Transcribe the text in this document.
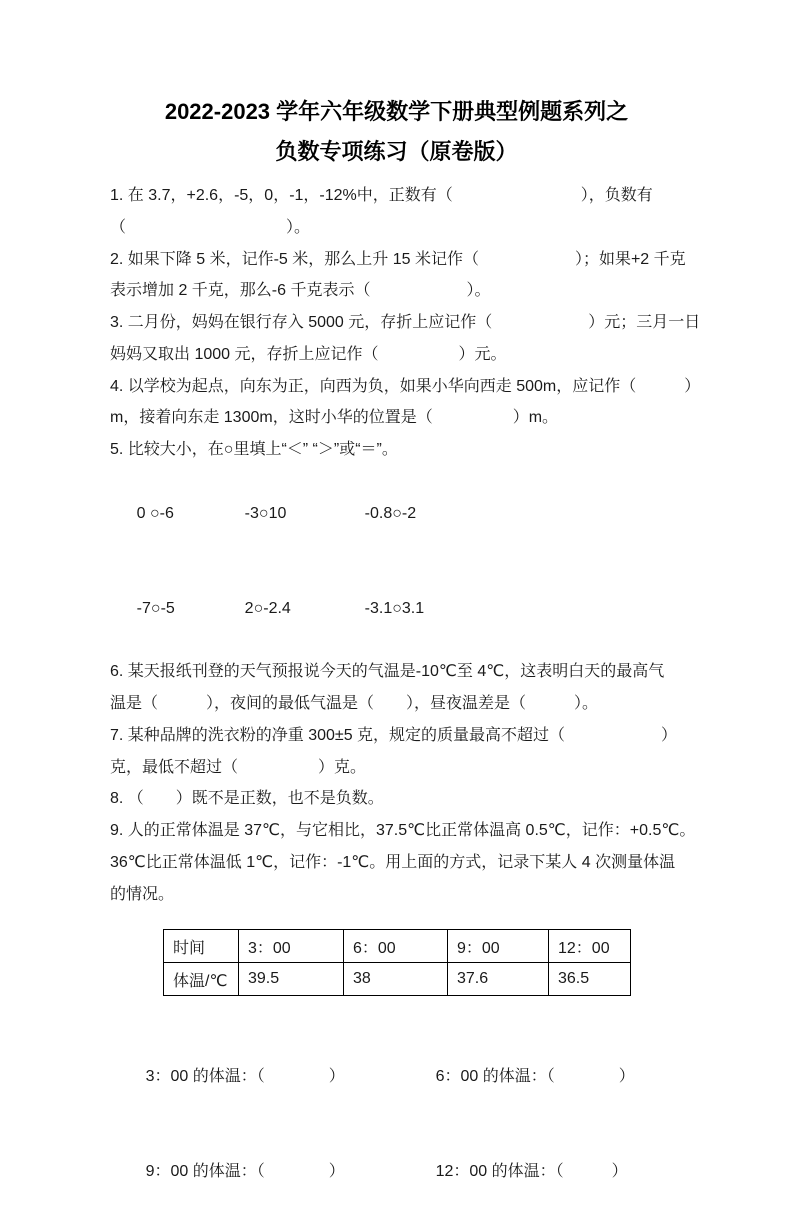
2022-2023 学年六年级数学下册典型例题系列之
负数专项练习（原卷版）
1. 在 3.7，+2.6，-5，0，-1，-12%中，正数有（　　　　　　　　），负数有
（　　　　　　　　　　）。
2. 如果下降 5 米，记作-5 米，那么上升 15 米记作（　　　　　　）；如果+2 千克
表示增加 2 千克，那么-6 千克表示（　　　　　　）。
3. 二月份，妈妈在银行存入 5000 元，存折上应记作（　　　　　　）元；三月一日
妈妈又取出 1000 元，存折上应记作（　　　　　）元。
4. 以学校为起点，向东为正，向西为负，如果小华向西走 500m，应记作（　　　）
m，接着向东走 1300m，这时小华的位置是（　　　　　）m。
5. 比较大小，在○里填上“＜” “＞”或“＝”。

0 ○-6	-3○10	-0.8○-2

-7○-5	2○-2.4	-3.1○3.1

6. 某天报纸刊登的天气预报说今天的气温是-10℃至 4℃，这表明白天的最高气
温是（　　　），夜间的最低气温是（　　），昼夜温差是（　　　）。
7. 某种品牌的洗衣粉的净重 300±5 克，规定的质量最高不超过（　　　　　　）
克，最低不超过（　　　　　）克。
8. （　　）既不是正数，也不是负数。
9. 人的正常体温是 37℃，与它相比，37.5℃比正常体温高 0.5℃，记作：+0.5℃。
36℃比正常体温低 1℃，记作：-1℃。用上面的方式，记录下某人 4 次测量体温
的情况。
时间	3：00	6：00	9：00	12：00
体温/℃	39.5	38	37.6	36.5

3：00 的体温：（　　　　）	6：00 的体温：（　　　　）

9：00 的体温：（　　　　）	12：00 的体温：（　　　）
